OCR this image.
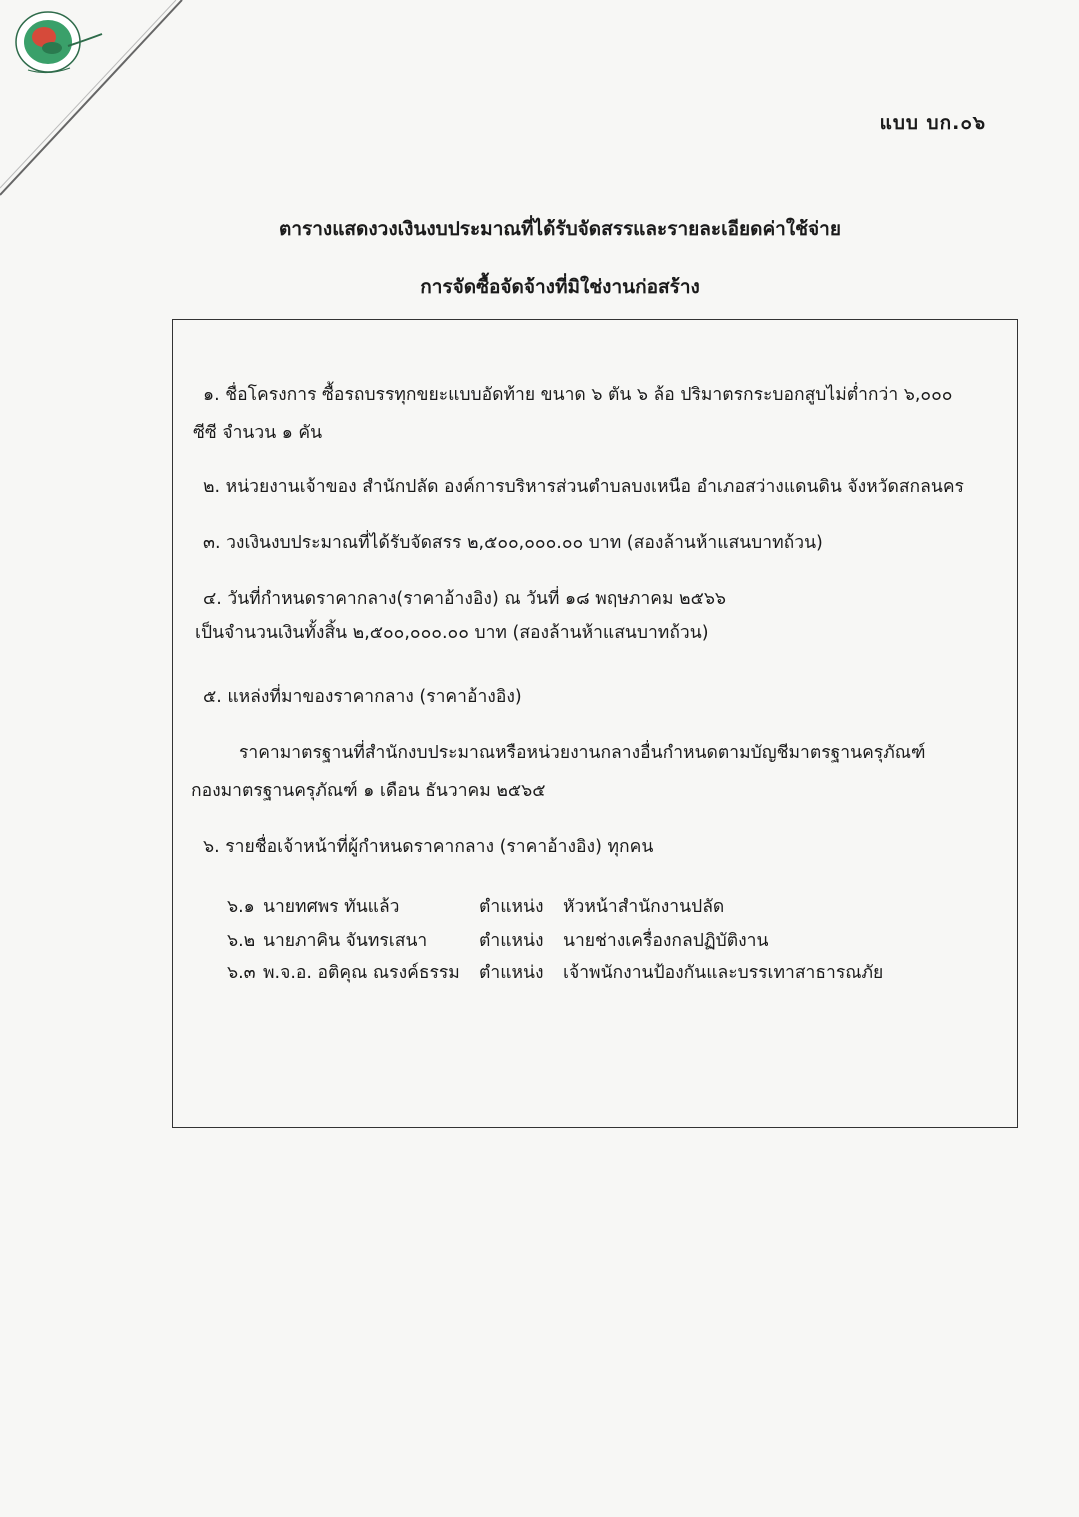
แบบ บก.๐๖
ตารางแสดงวงเงินงบประมาณที่ได้รับจัดสรรและรายละเอียดค่าใช้จ่าย
การจัดซื้อจัดจ้างที่มิใช่งานก่อสร้าง
๑. ชื่อโครงการ ซื้อรถบรรทุกขยะแบบอัดท้าย ขนาด ๖ ตัน ๖ ล้อ ปริมาตรกระบอกสูบไม่ต่ำกว่า ๖,๐๐๐
ซีซี จำนวน ๑ คัน
๒. หน่วยงานเจ้าของ สำนักปลัด องค์การบริหารส่วนตำบลบงเหนือ อำเภอสว่างแดนดิน จังหวัดสกลนคร
๓. วงเงินงบประมาณที่ได้รับจัดสรร ๒,๕๐๐,๐๐๐.๐๐ บาท (สองล้านห้าแสนบาทถ้วน)
๔. วันที่กำหนดราคากลาง(ราคาอ้างอิง) ณ วันที่ ๑๘ พฤษภาคม ๒๕๖๖
เป็นจำนวนเงินทั้งสิ้น ๒,๕๐๐,๐๐๐.๐๐ บาท (สองล้านห้าแสนบาทถ้วน)
๕. แหล่งที่มาของราคากลาง (ราคาอ้างอิง)
ราคามาตรฐานที่สำนักงบประมาณหรือหน่วยงานกลางอื่นกำหนดตามบัญชีมาตรฐานครุภัณฑ์
กองมาตรฐานครุภัณฑ์ ๑ เดือน ธันวาคม ๒๕๖๕
๖. รายชื่อเจ้าหน้าที่ผู้กำหนดราคากลาง (ราคาอ้างอิง) ทุกคน
๖.๑ นายทศพร ทันแล้ว	ตำแหน่ง หัวหน้าสำนักงานปลัด
๖.๒ นายภาคิน จันทรเสนา	ตำแหน่ง นายช่างเครื่องกลปฏิบัติงาน
๖.๓ พ.จ.อ. อติคุณ ณรงค์ธรรม ตำแหน่ง เจ้าพนักงานป้องกันและบรรเทาสาธารณภัย
